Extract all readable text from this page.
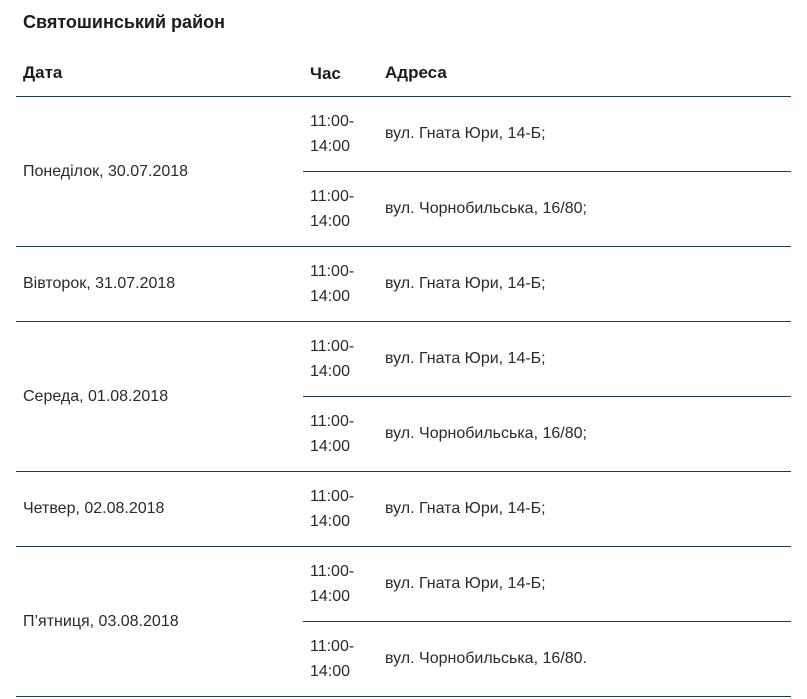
Святошинський район
Дата	Час	Адреса
Понеділок, 30.07.2018	11:00-
14:00	вул. Гната Юри, 14-Б;

	11:00-
14:00	вул. Чорнобильська, 16/80;
Вівторок, 31.07.2018	11:00-
14:00	вул. Гната Юри, 14-Б;
Середа, 01.08.2018	11:00-
14:00	вул. Гната Юри, 14-Б;

	11:00-
14:00	вул. Чорнобильська, 16/80;
Четвер, 02.08.2018	11:00-
14:00	вул. Гната Юри, 14-Б;
П’ятниця, 03.08.2018	11:00-
14:00	вул. Гната Юри, 14-Б;

	11:00-
14:00	вул. Чорнобильська, 16/80.
